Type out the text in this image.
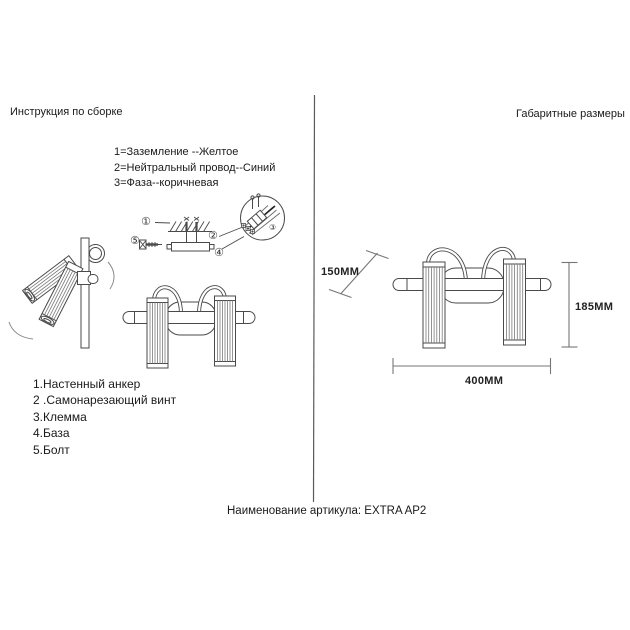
Инструкция по сборке	Габаритные размеры
1=Заземление --Желтое
2=Нейтральный провод--Синий
3=Фаза--коричневая
①
②
③
④
⑤
1.Настенный анкер
2 .Самонарезающий винт
3.Клемма
4.База
5.Болт
150MM
185MM
400MM
Наименование артикула: EXTRA AP2
